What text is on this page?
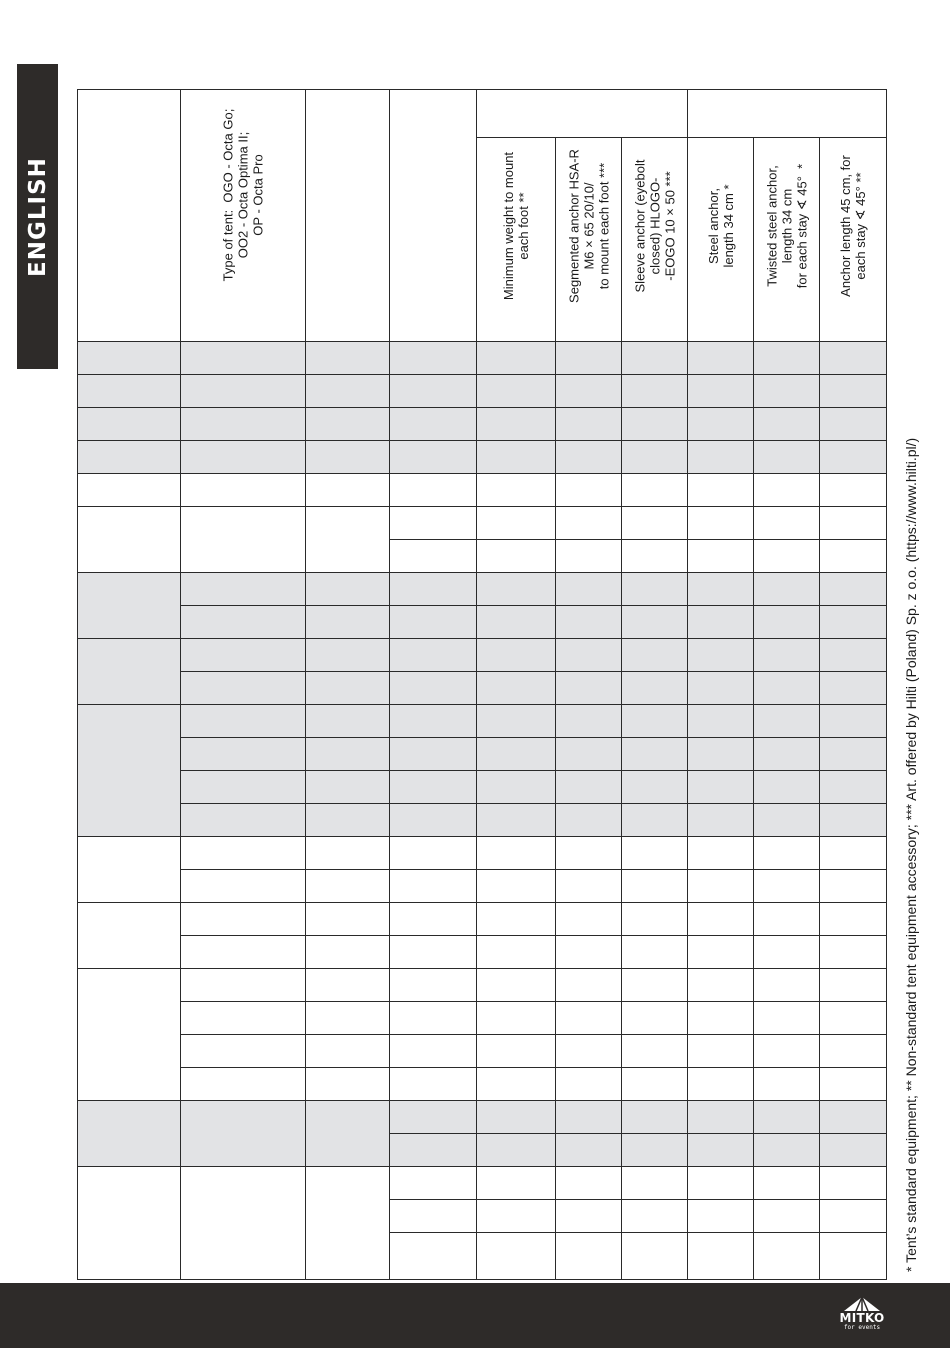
ENGLISH

	Type of tent:  OGO - Octa Go;
OO2 - Octa Optima II;
OP - Octa Pro								

				Minimum weight to mount
each foot **	Segmented anchor HSA-R
M6 × 65 20/10/
to mount each foot ***	Sleeve anchor (eyebolt
closed) HLOGO-
-EOGO 10 × 50 ***	Steel anchor,
length 34 cm *	Twisted steel anchor,
length 34 cm
for each stay ∢ 45°  *	Anchor length 45 cm, for
each stay ∢ 45° **

* Tent’s standard equipment; ** Non-standard tent equipment accessory; *** Art. offered by Hilti (Poland) Sp. z o.o. (https://www.hilti.pl/)
MITKO
for events
